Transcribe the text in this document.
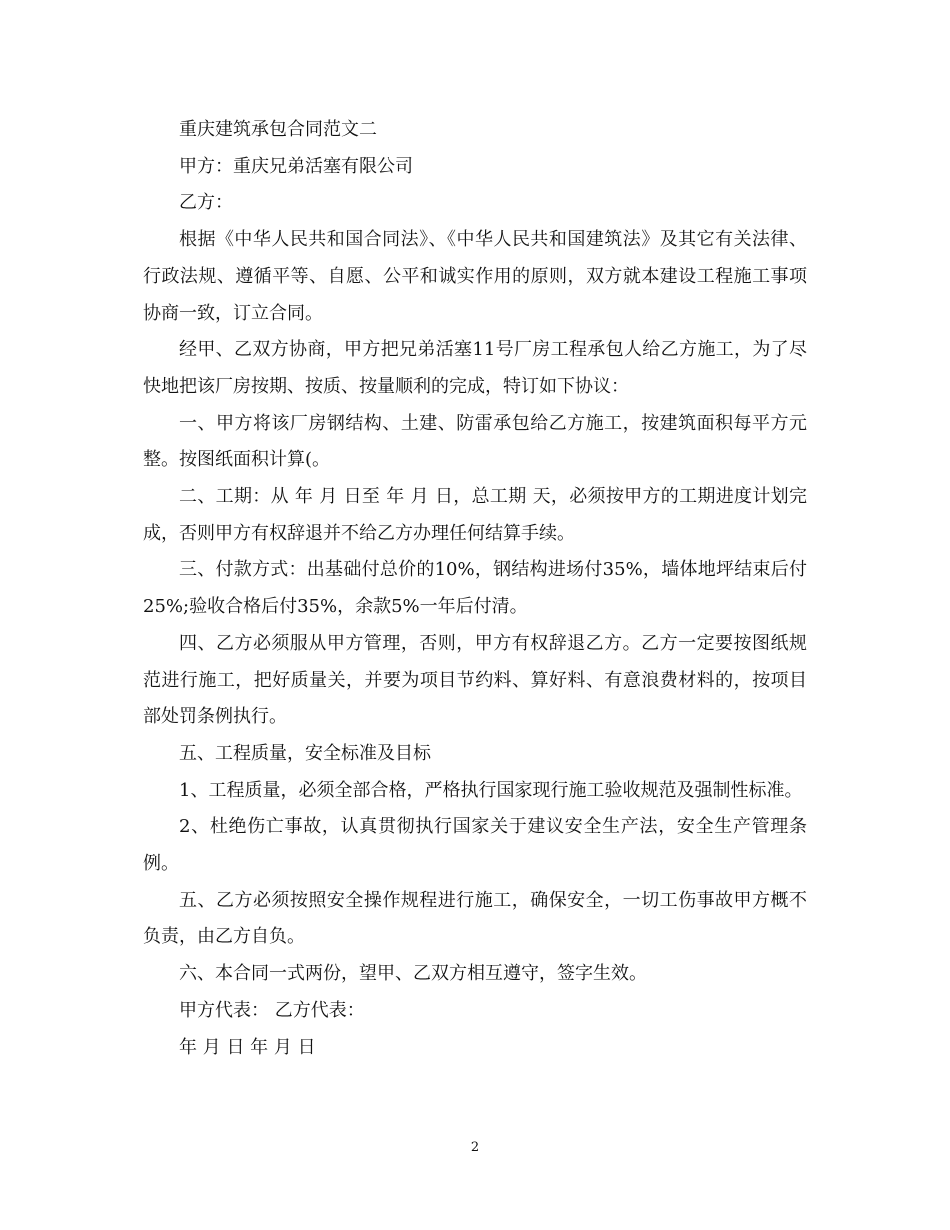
重庆建筑承包合同范文二

甲方：重庆兄弟活塞有限公司

乙方：

根据《中华人民共和国合同法》、《中华人民共和国建筑法》及其它有关法律、行政法规、遵循平等、自愿、公平和诚实作用的原则，双方就本建设工程施工事项协商一致，订立合同。

经甲、乙双方协商，甲方把兄弟活塞11号厂房工程承包人给乙方施工，为了尽快地把该厂房按期、按质、按量顺利的完成，特订如下协议：

一、甲方将该厂房钢结构、土建、防雷承包给乙方施工，按建筑面积每平方元整。按图纸面积计算(。

二、工期：从 年 月 日至 年 月 日，总工期 天，必须按甲方的工期进度计划完成，否则甲方有权辞退并不给乙方办理任何结算手续。

三、付款方式：出基础付总价的10%，钢结构进场付35%，墙体地坪结束后付25%;验收合格后付35%，余款5%一年后付清。

四、乙方必须服从甲方管理，否则，甲方有权辞退乙方。乙方一定要按图纸规范进行施工，把好质量关，并要为项目节约料、算好料、有意浪费材料的，按项目部处罚条例执行。

五、工程质量，安全标准及目标

1、工程质量，必须全部合格，严格执行国家现行施工验收规范及强制性标准。

2、杜绝伤亡事故，认真贯彻执行国家关于建议安全生产法，安全生产管理条例。

五、乙方必须按照安全操作规程进行施工，确保安全，一切工伤事故甲方概不负责，由乙方自负。

六、本合同一式两份，望甲、乙双方相互遵守，签字生效。

甲方代表： 乙方代表：

年 月 日 年 月 日

2
